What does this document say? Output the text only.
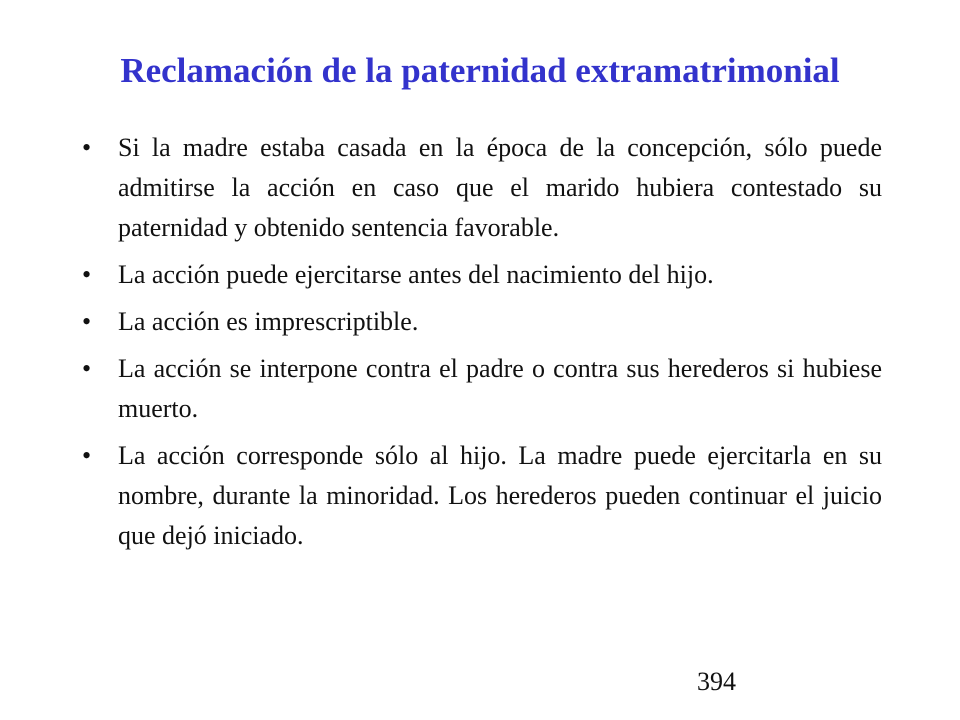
Reclamación de la paternidad extramatrimonial
•	Si la madre estaba casada en la época de la concepción, sólo puede admitirse la acción en caso que el marido hubiera contestado su paternidad y obtenido sentencia favorable.
•	La acción puede ejercitarse antes del nacimiento del hijo.
•	La acción es imprescriptible.
•	La acción se interpone contra el padre o contra sus herederos si hubiese muerto.
•	La acción corresponde sólo al hijo. La madre puede ejercitarla en su nombre, durante la minoridad. Los herederos pueden continuar el juicio que dejó iniciado.

394
